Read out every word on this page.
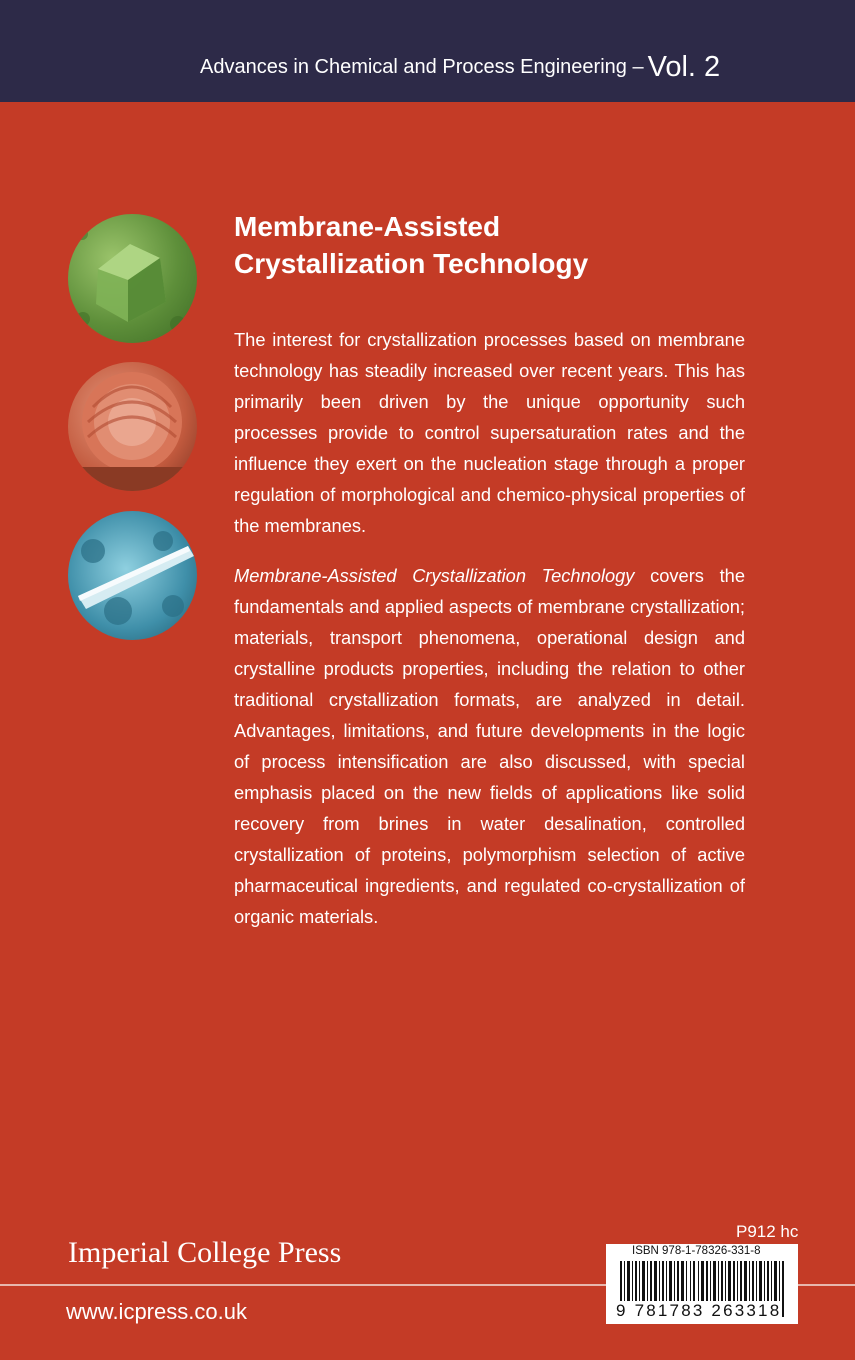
Advances in Chemical and Process Engineering – Vol. 2
Membrane-Assisted
Crystallization Technology

The interest for crystallization processes based on membrane technology has steadily increased over recent years. This has primarily been driven by the unique opportunity such processes provide to control supersaturation rates and the influence they exert on the nucleation stage through a proper regulation of morphological and chemico-physical properties of the membranes.

Membrane-Assisted Crystallization Technology covers the fundamentals and applied aspects of membrane crystallization; materials, transport phenomena, operational design and crystalline products properties, including the relation to other traditional crystallization formats, are analyzed in detail. Advantages, limitations, and future developments in the logic of process intensification are also discussed, with special emphasis placed on the new fields of applications like solid recovery from brines in water desalination, controlled crystallization of proteins, polymorphism selection of active pharmaceutical ingredients, and regulated co-crystallization of organic materials.

Imperial College Press
www.icpress.co.uk
P912 hc
ISBN 978-1-78326-331-8
9 781783 263318
